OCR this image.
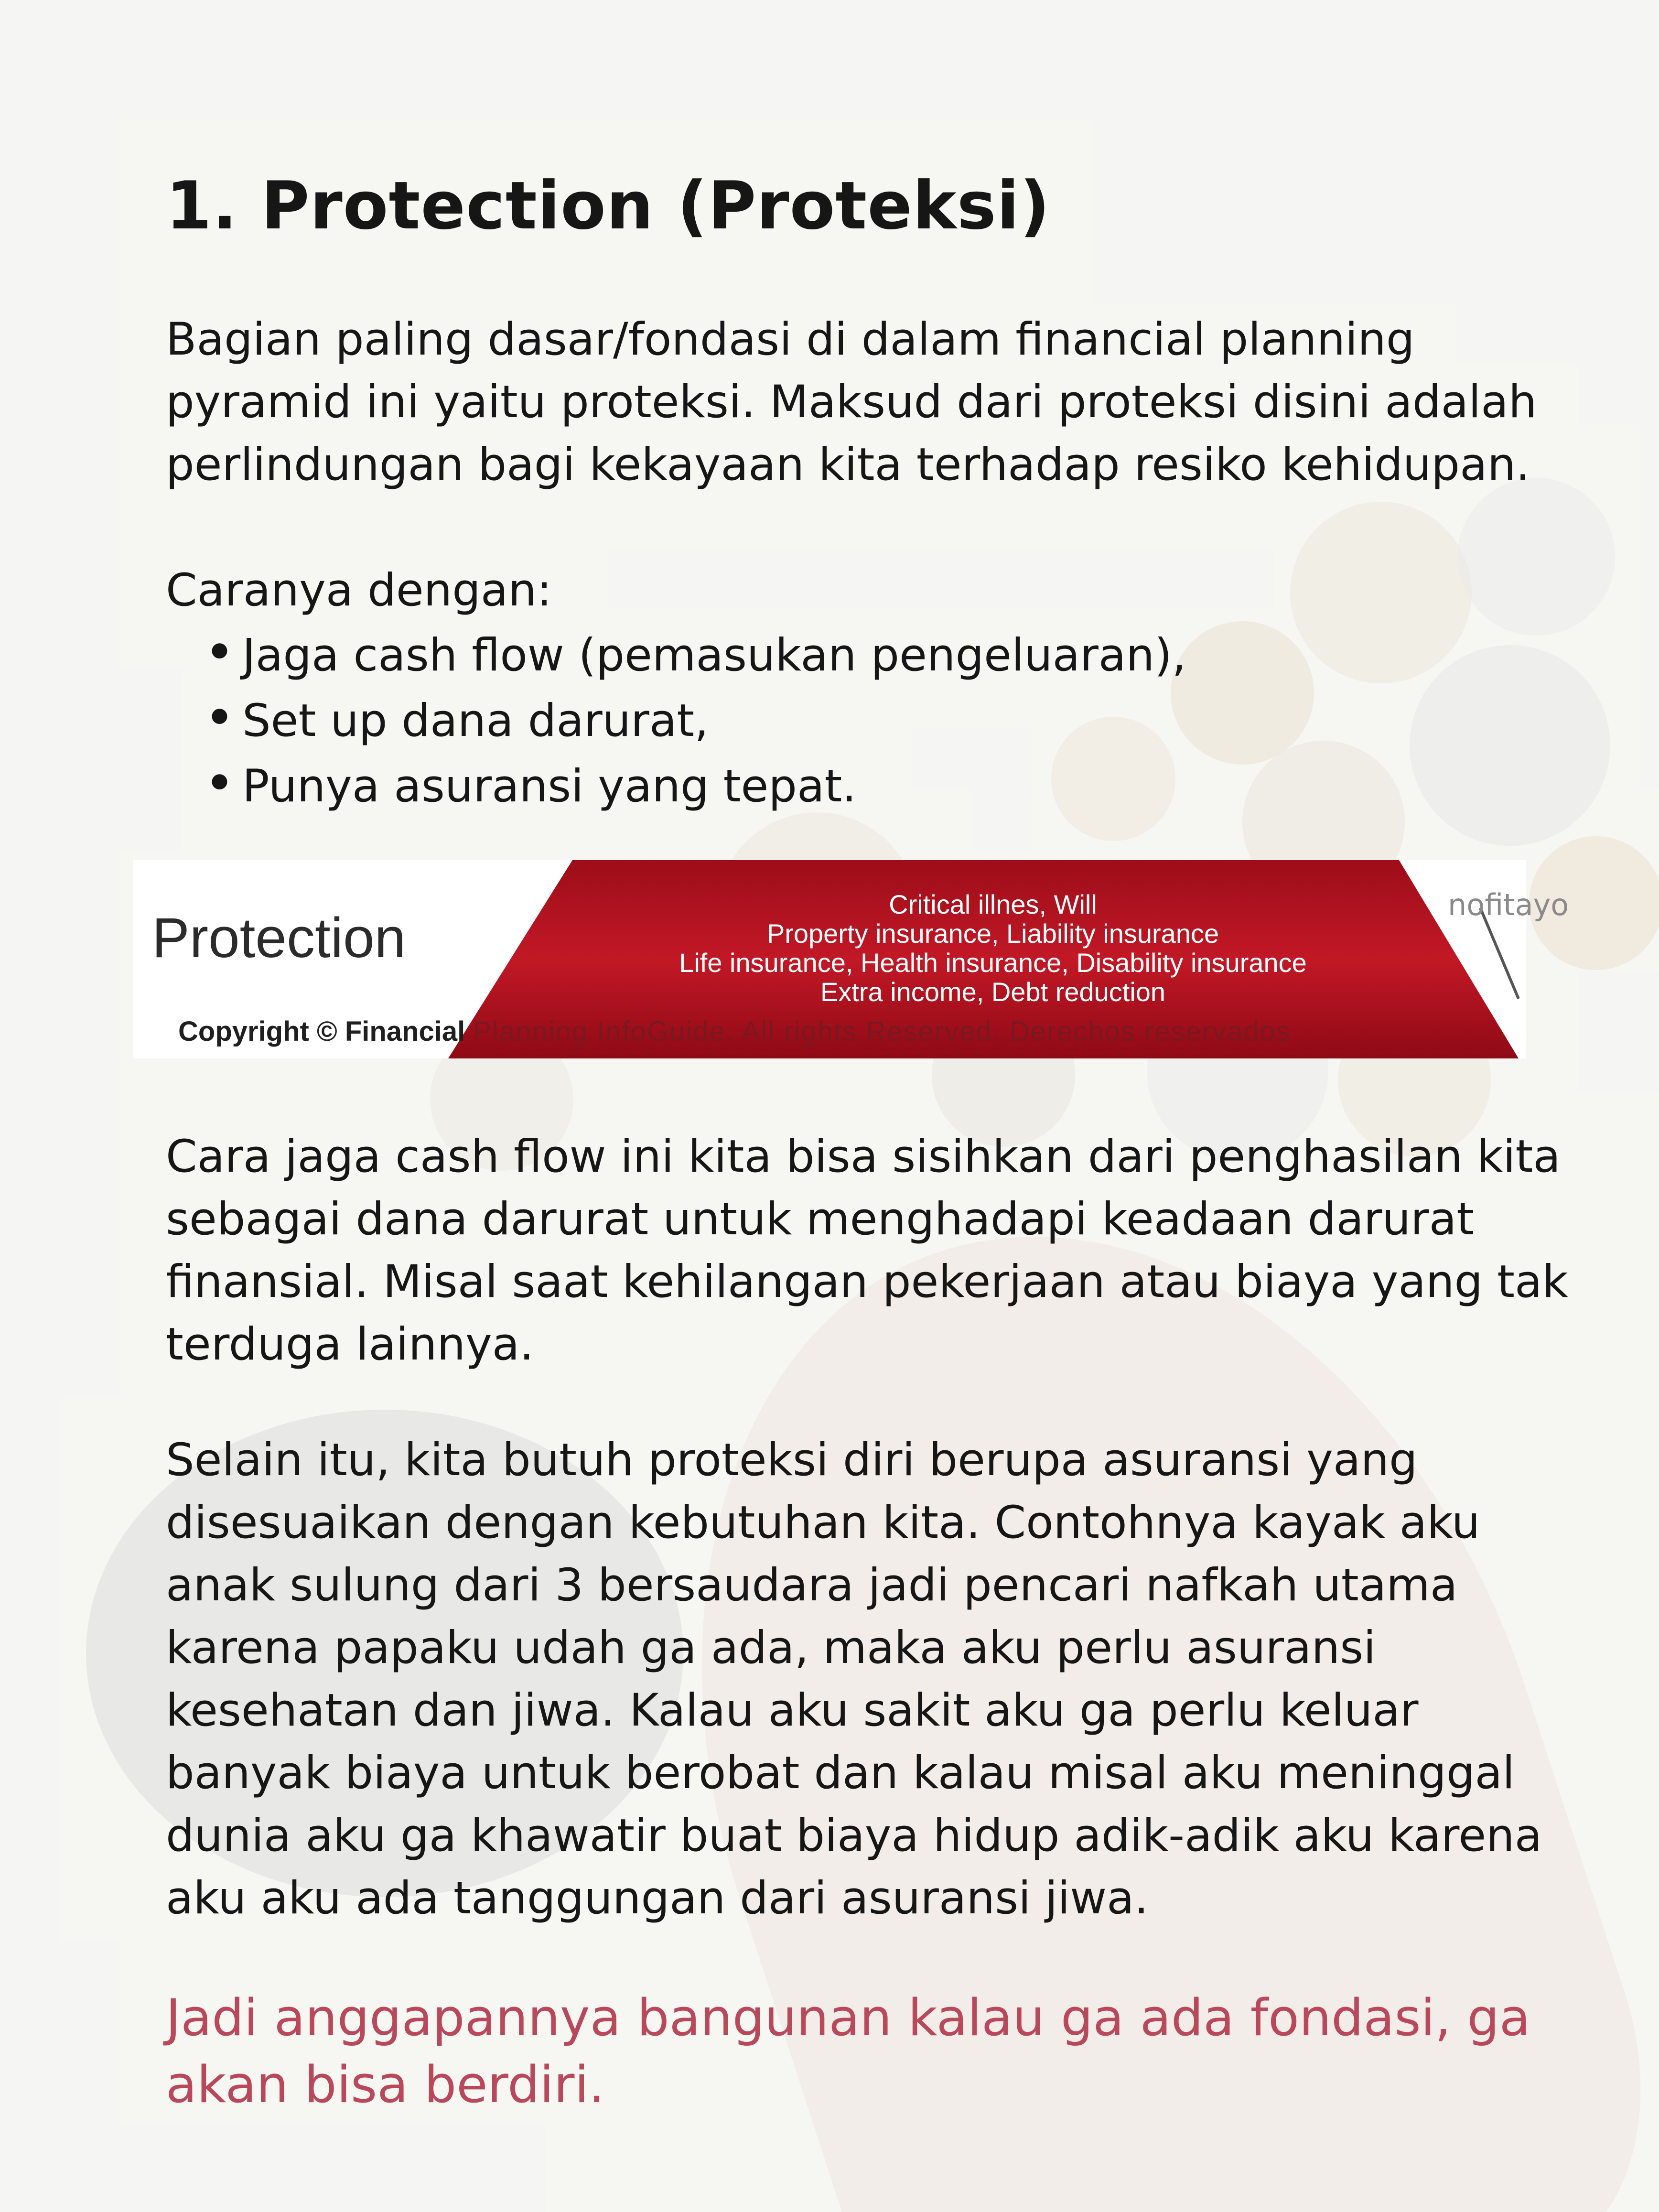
1. Protection (Proteksi)

Bagian paling dasar/fondasi di dalam financial planning pyramid ini yaitu proteksi. Maksud dari proteksi disini adalah perlindungan bagi kekayaan kita terhadap resiko kehidupan.

Caranya dengan:

• Jaga cash flow (pemasukan pengeluaran),
• Set up dana darurat,
• Punya asuransi yang tepat.

Cara jaga cash flow ini kita bisa sisihkan dari penghasilan kita sebagai dana darurat untuk menghadapi keadaan darurat finansial. Misal saat kehilangan pekerjaan atau biaya yang tak terduga lainnya.

Selain itu, kita butuh proteksi diri berupa asuransi yang disesuaikan dengan kebutuhan kita. Contohnya kayak aku anak sulung dari 3 bersaudara jadi pencari nafkah utama karena papaku udah ga ada, maka aku perlu asuransi kesehatan dan jiwa. Kalau aku sakit aku ga perlu keluar banyak biaya untuk berobat dan kalau misal aku meninggal dunia aku ga khawatir buat biaya hidup adik-adik aku karena aku aku ada tanggungan dari asuransi jiwa.

Jadi anggapannya bangunan kalau ga ada fondasi, ga akan bisa berdiri.

Protection
Critical illnes, Will
Property insurance, Liability insurance
Life insurance, Health insurance, Disability insurance
Extra income, Debt reduction
Copyright © Financial Planning InfoGuide. All rights Reserved. Derechos reservados
nofitayo
